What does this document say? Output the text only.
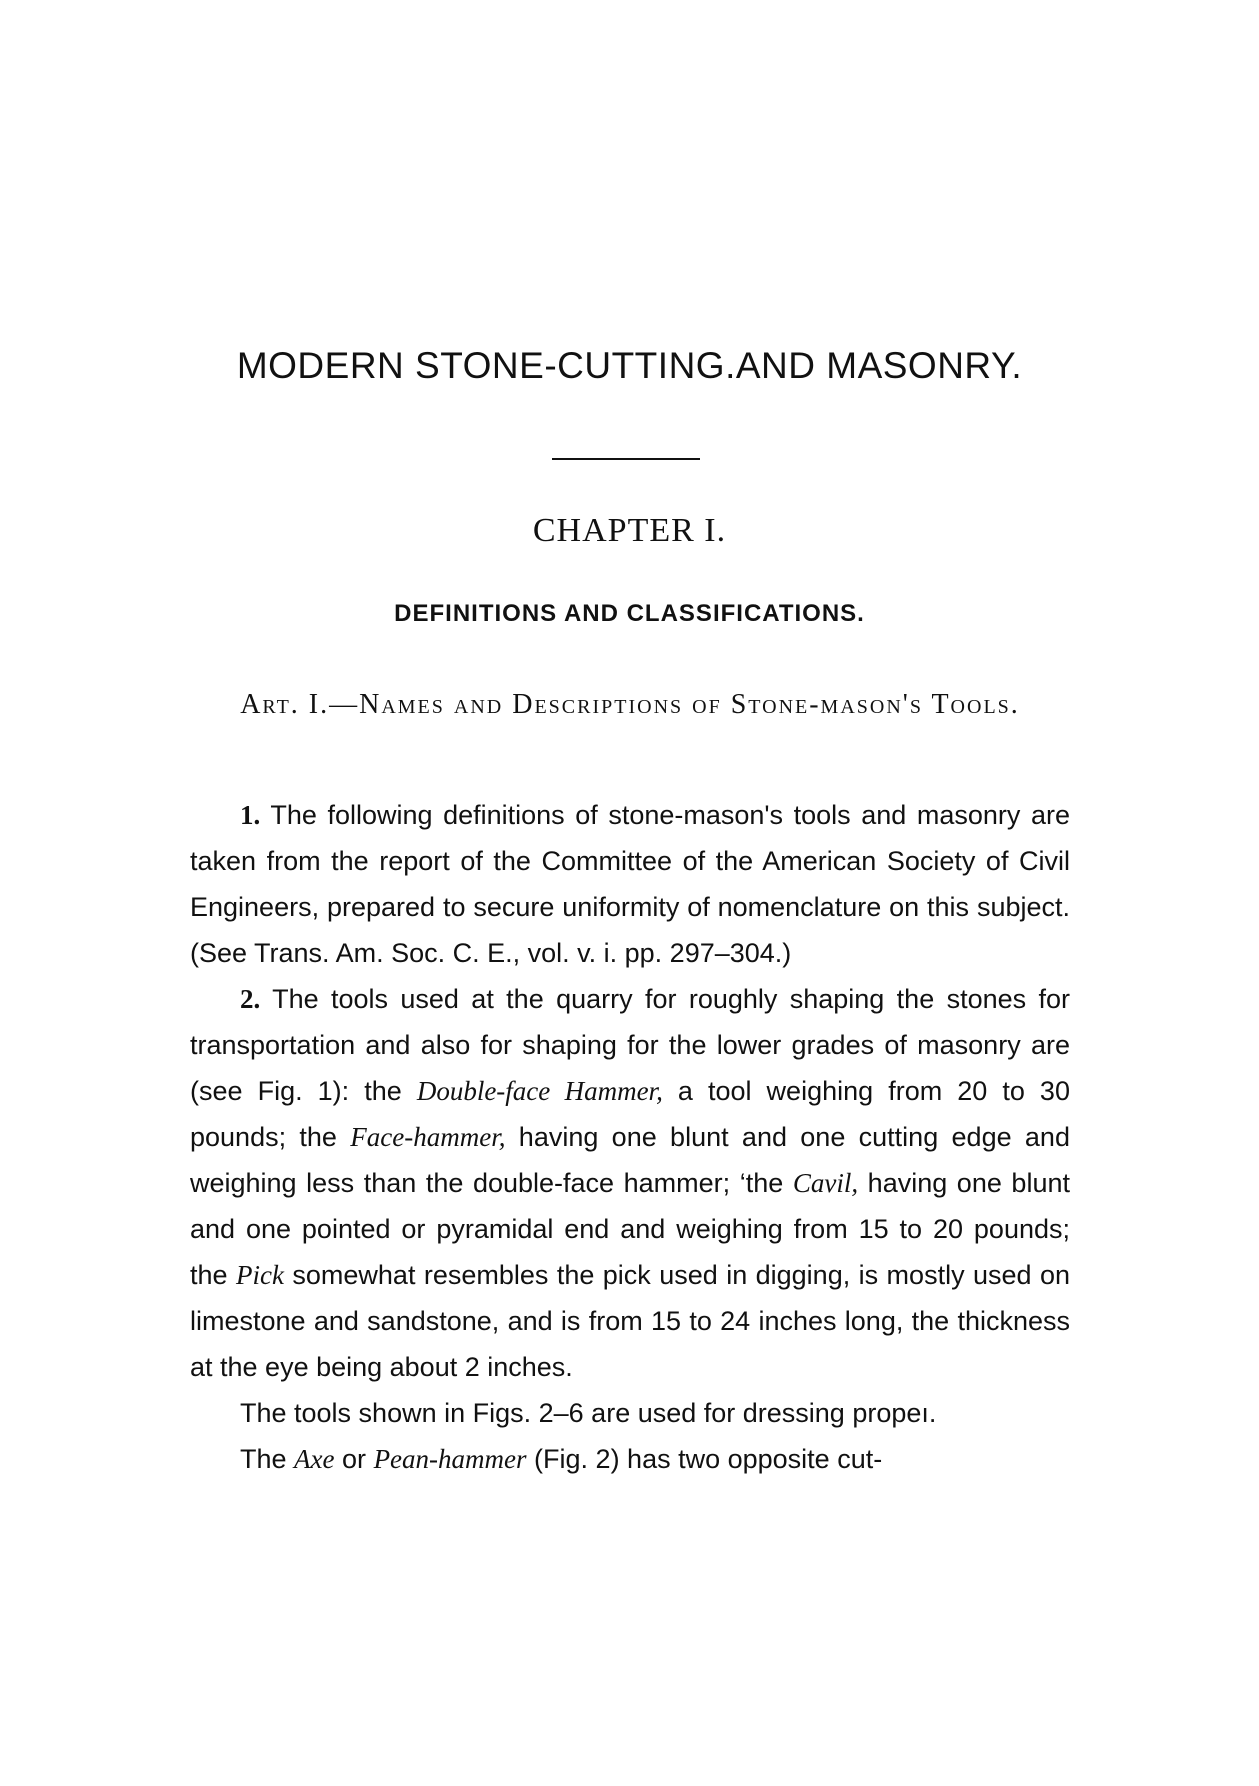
MODERN STONE-CUTTING.AND MASONRY.
CHAPTER I.
DEFINITIONS AND CLASSIFICATIONS.
Art. I.—Names and Descriptions of Stone-mason's Tools.

1. The following definitions of stone-mason's tools and masonry are taken from the report of the Committee of the American Society of Civil Engineers, prepared to secure uniformity of nomenclature on this subject. (See Trans. Am. Soc. C. E., vol. v. i. pp. 297–304.)

2. The tools used at the quarry for roughly shaping the stones for transportation and also for shaping for the lower grades of masonry are (see Fig. 1): the Double-face Hammer, a tool weighing from 20 to 30 pounds; the Face-hammer, having one blunt and one cutting edge and weighing less than the double-face hammer; ‘the Cavil, having one blunt and one pointed or pyramidal end and weighing from 15 to 20 pounds; the Pick somewhat resembles the pick used in digging, is mostly used on limestone and sandstone, and is from 15 to 24 inches long, the thickness at the eye being about 2 inches.

The tools shown in Figs. 2–6 are used for dressing propeı.

The Axe or Pean-hammer (Fig. 2) has two opposite cut-
